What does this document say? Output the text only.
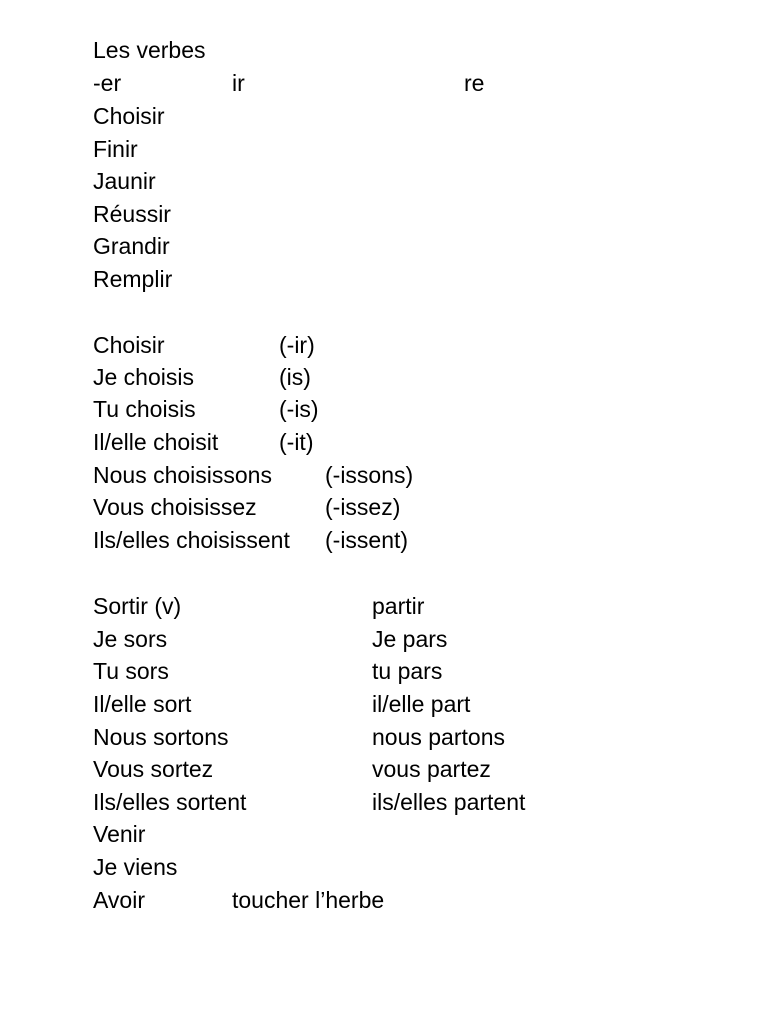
Les verbes
-er	ir	re
Choisir
Finir
Jaunir
Réussir
Grandir
Remplir
Choisir	(-ir)
Je choisis	(is)
Tu choisis	(-is)
Il/elle choisit	(-it)
Nous choisissons (-issons)
Vous choisissez	(-issez)
Ils/elles choisissent (-issent)
Sortir (v)	partir
Je sors	Je pars
Tu sors	tu pars
Il/elle sort	il/elle part
Nous sortons	nous partons
Vous sortez	vous partez
Ils/elles sortent	ils/elles partent
Venir
Je viens
Avoir	toucher l’herbe
